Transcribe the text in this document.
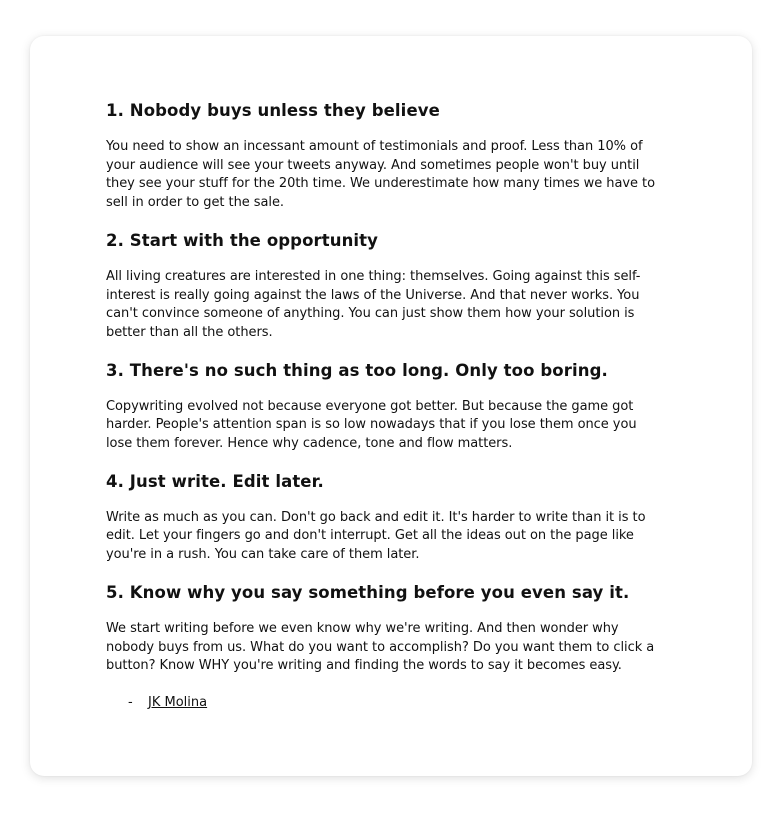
1. Nobody buys unless they believe

You need to show an incessant amount of testimonials and proof. Less than 10% of your audience will see your tweets anyway. And sometimes people won't buy until they see your stuff for the 20th time. We underestimate how many times we have to sell in order to get the sale.

2. Start with the opportunity

All living creatures are interested in one thing: themselves. Going against this self-interest is really going against the laws of the Universe. And that never works. You can't convince someone of anything. You can just show them how your solution is better than all the others.

3. There's no such thing as too long. Only too boring.

Copywriting evolved not because everyone got better. But because the game got harder. People's attention span is so low nowadays that if you lose them once you lose them forever. Hence why cadence, tone and flow matters.

4. Just write. Edit later.

Write as much as you can. Don't go back and edit it. It's harder to write than it is to edit. Let your fingers go and don't interrupt. Get all the ideas out on the page like you're in a rush. You can take care of them later.

5. Know why you say something before you even say it.

We start writing before we even know why we're writing. And then wonder why nobody buys from us. What do you want to accomplish? Do you want them to click a button? Know WHY you're writing and finding the words to say it becomes easy.

- JK Molina
